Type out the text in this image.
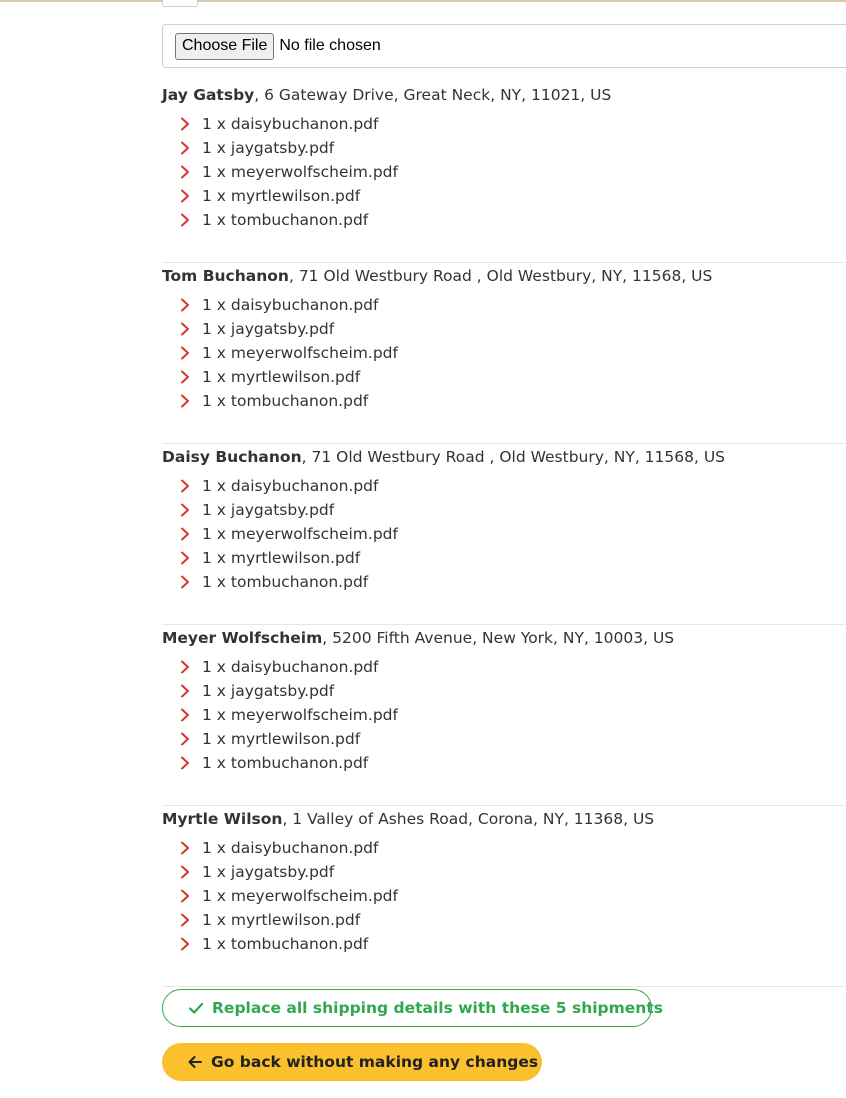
Choose File No file chosen
Jay Gatsby, 6 Gateway Drive, Great Neck, NY, 11021, US
1 x daisybuchanon.pdf
1 x jaygatsby.pdf
1 x meyerwolfscheim.pdf
1 x myrtlewilson.pdf
1 x tombuchanon.pdf
Tom Buchanon, 71 Old Westbury Road , Old Westbury, NY, 11568, US
1 x daisybuchanon.pdf
1 x jaygatsby.pdf
1 x meyerwolfscheim.pdf
1 x myrtlewilson.pdf
1 x tombuchanon.pdf
Daisy Buchanon, 71 Old Westbury Road , Old Westbury, NY, 11568, US
1 x daisybuchanon.pdf
1 x jaygatsby.pdf
1 x meyerwolfscheim.pdf
1 x myrtlewilson.pdf
1 x tombuchanon.pdf
Meyer Wolfscheim, 5200 Fifth Avenue, New York, NY, 10003, US
1 x daisybuchanon.pdf
1 x jaygatsby.pdf
1 x meyerwolfscheim.pdf
1 x myrtlewilson.pdf
1 x tombuchanon.pdf
Myrtle Wilson, 1 Valley of Ashes Road, Corona, NY, 11368, US
1 x daisybuchanon.pdf
1 x jaygatsby.pdf
1 x meyerwolfscheim.pdf
1 x myrtlewilson.pdf
1 x tombuchanon.pdf
Replace all shipping details with these 5 shipments
Go back without making any changes
